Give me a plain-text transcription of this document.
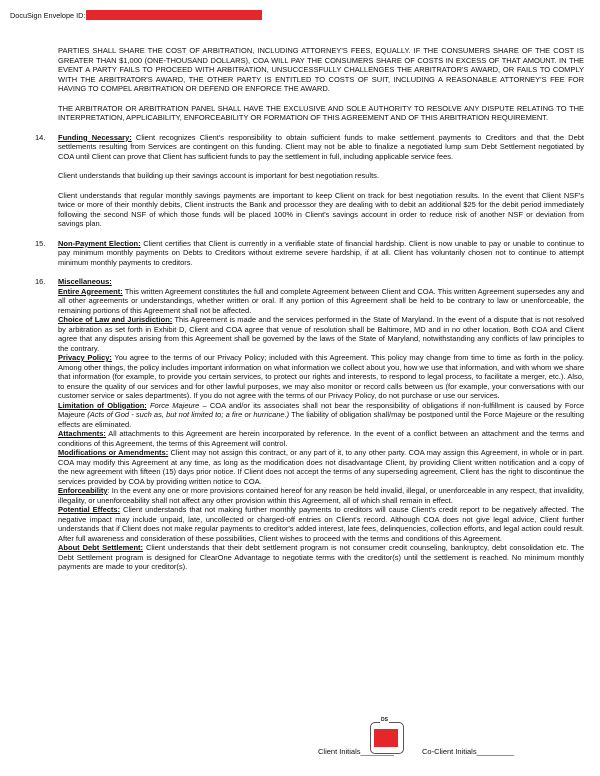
DocuSign Envelope ID:

PARTIES SHALL SHARE THE COST OF ARBITRATION, INCLUDING ATTORNEY'S FEES, EQUALLY. IF THE CONSUMERS SHARE OF THE COST IS GREATER THAN $1,000 (ONE-THOUSAND DOLLARS), COA WILL PAY THE CONSUMERS SHARE OF COSTS IN EXCESS OF THAT AMOUNT. IN THE EVENT A PARTY FAILS TO PROCEED WITH ARBITRATION, UNSUCCESSFULLY CHALLENGES THE ARBITRATOR'S AWARD, OR FAILS TO COMPLY WITH THE ARBITRATOR'S AWARD, THE OTHER PARTY IS ENTITLED TO COSTS OF SUIT, INCLUDING A REASONABLE ATTORNEY'S FEE FOR HAVING TO COMPEL ARBITRATION OR DEFEND OR ENFORCE THE AWARD.

THE ARBITRATOR OR ARBITRATION PANEL SHALL HAVE THE EXCLUSIVE AND SOLE AUTHORITY TO RESOLVE ANY DISPUTE RELATING TO THE INTERPRETATION, APPLICABILITY, ENFORCEABILITY OR FORMATION OF THIS AGREEMENT AND OF THIS ARBITRATION REQUIREMENT.

14. Funding Necessary: Client recognizes Client's responsibility to obtain sufficient funds to make settlement payments to Creditors and that the Debt settlements resulting from Services are contingent on this funding. Client may not be able to finalize a negotiated lump sum Debt Settlement negotiated by COA until Client can prove that Client has sufficient funds to pay the settlement in full, including applicable service fees.

Client understands that building up their savings account is important for best negotiation results.

Client understands that regular monthly savings payments are important to keep Client on track for best negotiation results. In the event that Client NSF's twice or more of their monthly debits, Client instructs the Bank and processor they are dealing with to debit an additional $25 for the debit period immediately following the second NSF of which those funds will be placed 100% in Client's savings account in order to reduce risk of another NSF or deviation from savings plan.

15. Non-Payment Election: Client certifies that Client is currently in a verifiable state of financial hardship. Client is now unable to pay or unable to continue to pay minimum monthly payments on Debts to Creditors without extreme severe hardship, if at all. Client has voluntarily chosen not to continue to attempt minimum monthly payments to creditors.

16. Miscellaneous:

Entire Agreement: This written Agreement constitutes the full and complete Agreement between Client and COA. This written Agreement supersedes any and all other agreements or understandings, whether written or oral. If any portion of this Agreement shall be held to be contrary to law or unenforceable, the remaining portions of this Agreement shall not be affected.

Choice of Law and Jurisdiction: This Agreement is made and the services performed in the State of Maryland. In the event of a dispute that is not resolved by arbitration as set forth in Exhibit D, Client and COA agree that venue of resolution shall be Baltimore, MD and in no other location. Both COA and Client agree that any disputes arising from this Agreement shall be governed by the laws of the State of Maryland, notwithstanding any conflicts of law principles to the contrary.

Privacy Policy: You agree to the terms of our Privacy Policy; included with this Agreement. This policy may change from time to time as forth in the policy. Among other things, the policy includes important information on what information we collect about you, how we use that information, and with whom we share that information (for example, to provide you certain services, to protect our rights and interests, to respond to legal process, to facilitate a merger, etc.). Also, to ensure the quality of our services and for other lawful purposes, we may also monitor or record calls between us (for example, your conversations with our customer service or sales departments). If you do not agree with the terms of our Privacy Policy, do not purchase or use our services.

Limitation of Obligation: Force Majeure – COA and/or its associates shall not bear the responsibility of obligations if non-fulfillment is caused by Force Majeure (Acts of God - such as, but not limited to; a fire or hurricane.) The liability of obligation shall/may be postponed until the Force Majeure or the resulting effects are eliminated.

Attachments: All attachments to this Agreement are herein incorporated by reference. In the event of a conflict between an attachment and the terms and conditions of this Agreement, the terms of this Agreement will control.

Modifications or Amendments: Client may not assign this contract, or any part of it, to any other party. COA may assign this Agreement, in whole or in part. COA may modify this Agreement at any time, as long as the modification does not disadvantage Client, by providing Client written notification and a copy of the new agreement with fifteen (15) days prior notice. If Client does not accept the terms of any superseding agreement, Client has the right to discontinue the services provided by COA by providing written notice to COA.

Enforceability: In the event any one or more provisions contained hereof for any reason be held invalid, illegal, or unenforceable in any respect, that invalidity, illegality, or unenforceability shall not affect any other provision within this Agreement, all of which shall remain in effect.

Potential Effects: Client understands that not making further monthly payments to creditors will cause Client's credit report to be negatively affected. The negative impact may include unpaid, late, uncollected or charged-off entries on Client's record. Although COA does not give legal advice, Client further understands that if Client does not make regular payments to creditor's added interest, late fees, delinquencies, collection efforts, and legal action could result. After full awareness and consideration of these possibilities, Client wishes to proceed with the terms and conditions of this Agreement.

About Debt Settlement: Client understands that their debt settlement program is not consumer credit counseling, bankruptcy, debt consolidation etc. The Debt Settlement program is designed for ClearOne Advantage to negotiate terms with the creditor(s) until the settlement is reached. No minimum monthly payments are made to your creditor(s).

DS
Client Initials________	Co-Client Initials_________
